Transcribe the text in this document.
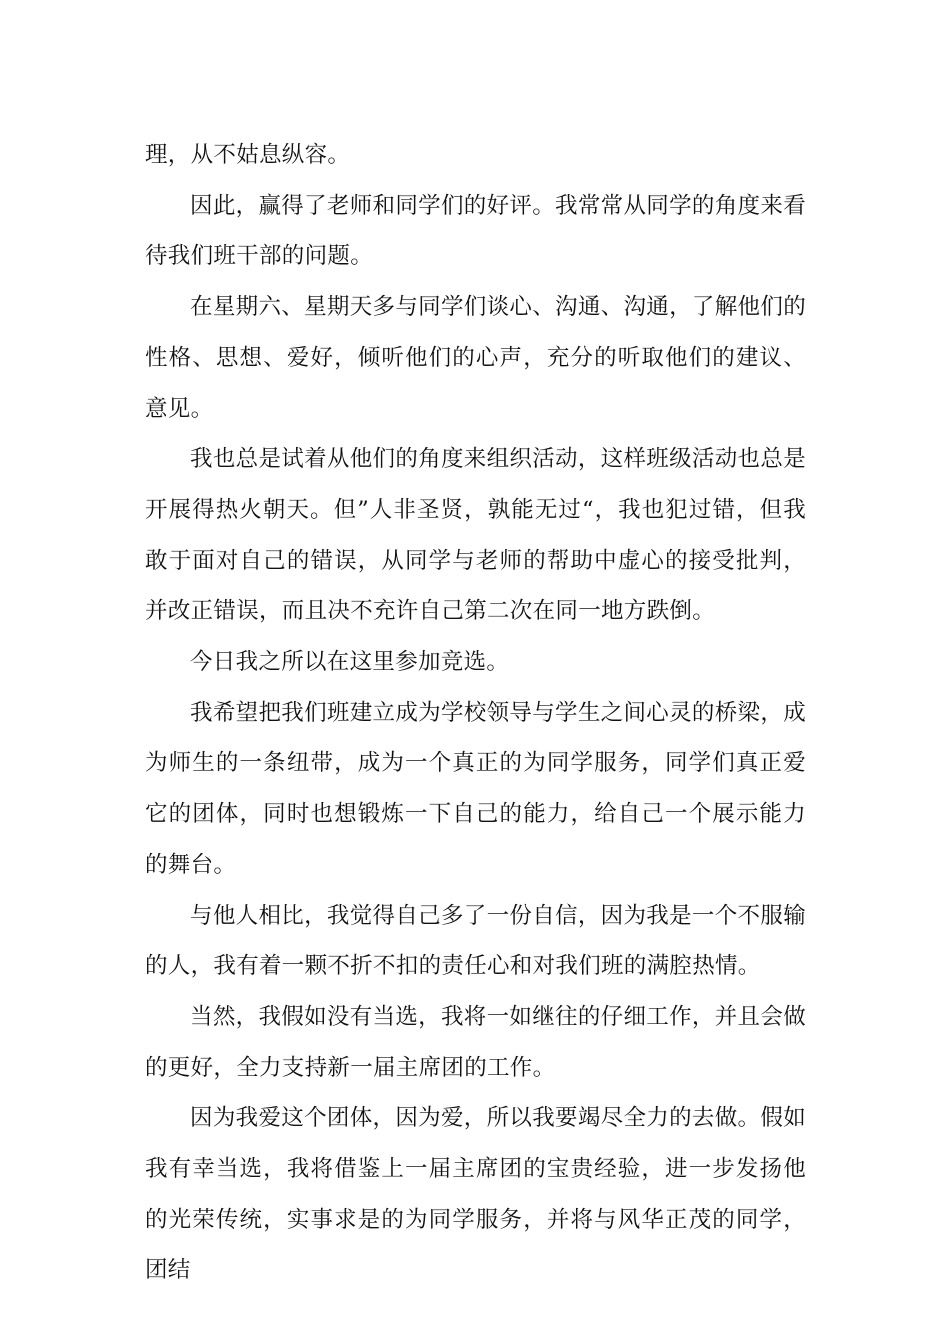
理，从不姑息纵容。

因此，赢得了老师和同学们的好评。我常常从同学的角度来看待我们班干部的问题。

在星期六、星期天多与同学们谈心、沟通、沟通，了解他们的性格、思想、爱好，倾听他们的心声，充分的听取他们的建议、意见。

我也总是试着从他们的角度来组织活动，这样班级活动也总是开展得热火朝天。但”人非圣贤，孰能无过“，我也犯过错，但我敢于面对自己的错误，从同学与老师的帮助中虚心的接受批判，并改正错误，而且决不充许自己第二次在同一地方跌倒。

今日我之所以在这里参加竞选。

我希望把我们班建立成为学校领导与学生之间心灵的桥梁，成为师生的一条纽带，成为一个真正的为同学服务，同学们真正爱它的团体，同时也想锻炼一下自己的能力，给自己一个展示能力的舞台。

与他人相比，我觉得自己多了一份自信，因为我是一个不服输的人，我有着一颗不折不扣的责任心和对我们班的满腔热情。

当然，我假如没有当选，我将一如继往的仔细工作，并且会做的更好，全力支持新一届主席团的工作。

因为我爱这个团体，因为爱，所以我要竭尽全力的去做。假如我有幸当选，我将借鉴上一届主席团的宝贵经验，进一步发扬他的光荣传统，实事求是的为同学服务，并将与风华正茂的同学，团结
